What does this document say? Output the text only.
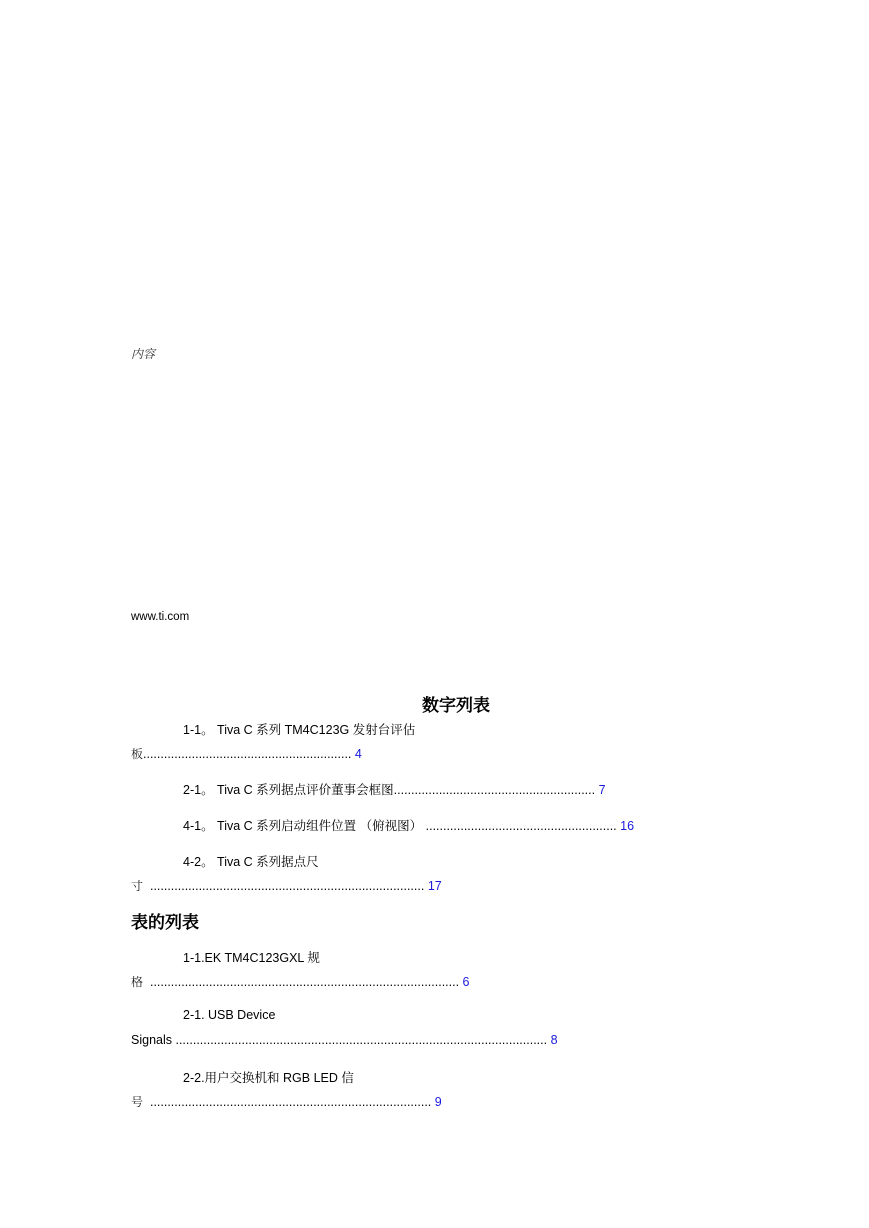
内容
www.ti.com
数字列表
1-1。 Tiva C 系列 TM4C123G 发射台评估
板............................................................ 4
2-1。 Tiva C 系列据点评价董事会框图.......................................................... 7
4-1。 Tiva C 系列启动组件位置 （俯视图） ....................................................... 16
4-2。 Tiva C 系列据点尺
寸 ............................................................................... 17
表的列表
1-1.EK TM4C123GXL 规
格 ......................................................................................... 6
2-1. USB Device
Signals ........................................................................................................... 8
2-2.用户交换机和 RGB LED 信
号 ................................................................................. 9
